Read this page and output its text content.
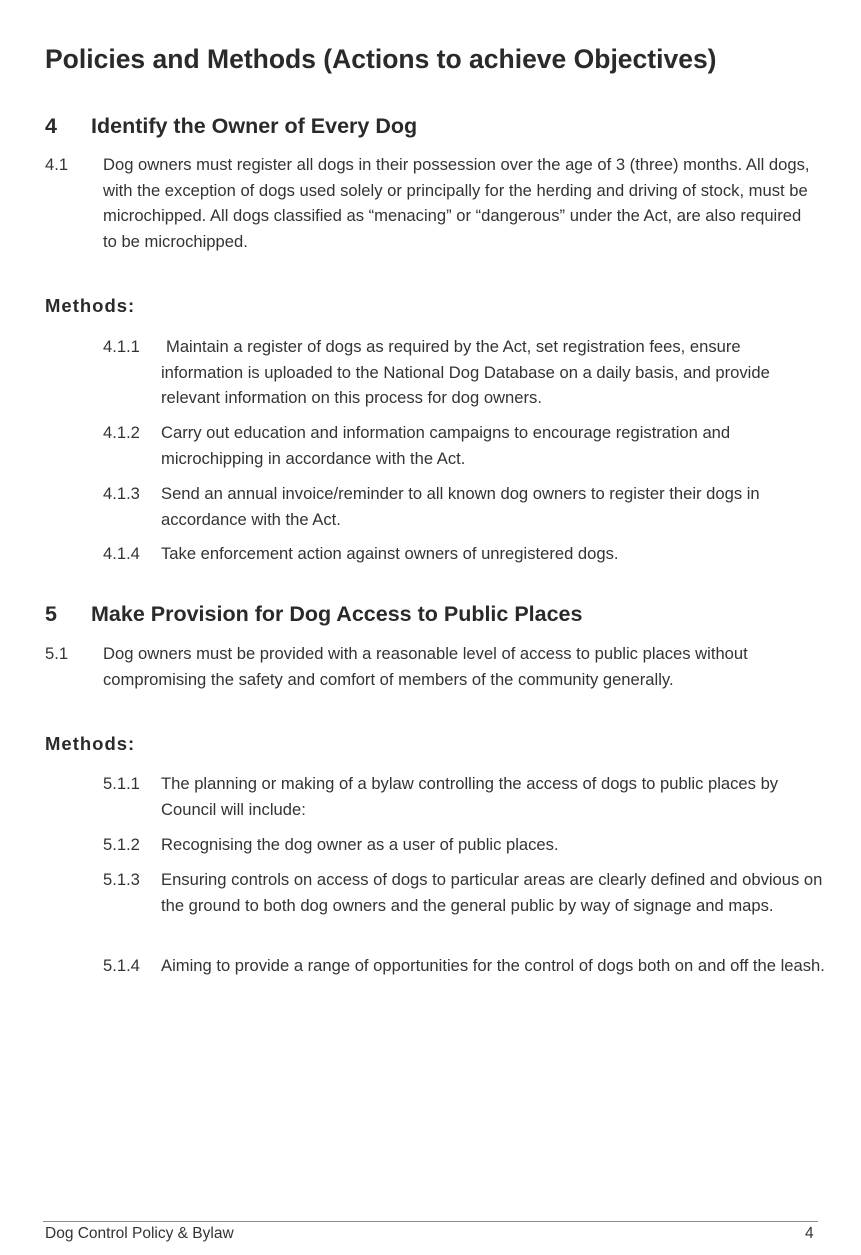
Policies and Methods (Actions to achieve Objectives)
4 Identify the Owner of Every Dog
4.1 Dog owners must register all dogs in their possession over the age of 3 (three) months. All dogs, with the exception of dogs used solely or principally for the herding and driving of stock, must be microchipped. All dogs classified as “menacing” or “dangerous” under the Act, are also required to be microchipped.
Methods:
4.1.1	Maintain a register of dogs as required by the Act, set registration fees, ensure information is uploaded to the National Dog Database on a daily basis, and provide relevant information on this process for dog owners.
4.1.2 Carry out education and information campaigns to encourage registration and microchipping in accordance with the Act.
4.1.3 Send an annual invoice/reminder to all known dog owners to register their dogs in accordance with the Act.
4.1.4 Take enforcement action against owners of unregistered dogs.
5 Make Provision for Dog Access to Public Places
5.1 Dog owners must be provided with a reasonable level of access to public places without compromising the safety and comfort of members of the community generally.
Methods:
5.1.1 The planning or making of a bylaw controlling the access of dogs to public places by Council will include:
5.1.2 Recognising the dog owner as a user of public places.
5.1.3 Ensuring controls on access of dogs to particular areas are clearly defined and obvious on the ground to both dog owners and the general public by way of signage and maps.
5.1.4 Aiming to provide a range of opportunities for the control of dogs both on and off the leash.
Dog Control Policy & Bylaw	4
